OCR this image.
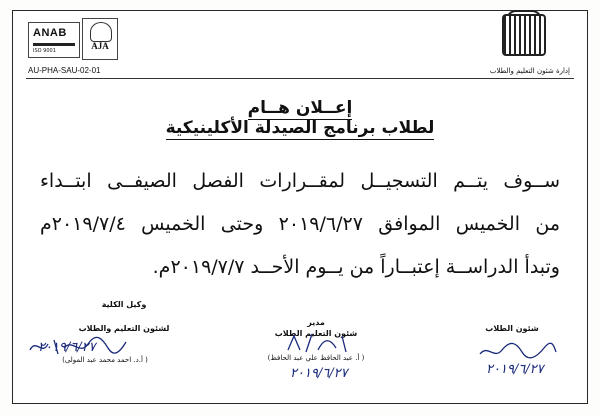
ANAB
ISO 9001	AJA
AU-PHA-SAU-02-01	إدارة شئون التعليم والطلاب
إعــلان هــام
لطلاب برنامج الصيدلة الأكلينيكية
ســوف يتــم التسجيــل لمقــرارات الفصل الصيفــى ابتــداء
من الخميس الموافق ٢٠١٩/٦/٢٧ وحتى الخميس ٢٠١٩/٧/٤م
وتبدأ الدراســة إعتبــاراً من يــوم الأحــد ٢٠١٩/٧/٧م.
شئون الطلاب
٢٠١٩/٦/٢٧
مدير
شئون التعليم الطلاب
( أ. عبد الحافظ علي عبد الحافظ)
٢٠١٩/٦/٢٧
وكيل الكلية
لشئون التعليم والطلاب
( أ.د. احمد محمد عبد المولى)
٢٠١٩/٦/٢٧
